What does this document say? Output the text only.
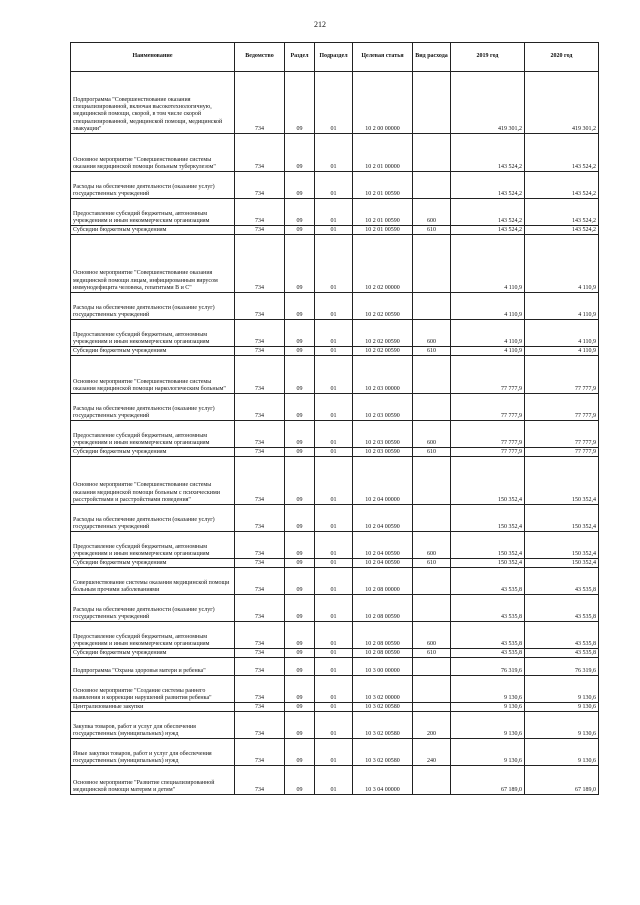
212
Наименование	Ведомство	Раздел	Подраздел	Целевая статья	Вид расхода	2019 год	2020 год
Подпрограмма "Совершенствование оказания специализированной, включая высокотехнологичную, медицинской помощи, скорой, в том числе скорой специализированной, медицинской помощи, медицинской эвакуации"	734	09	01	10 2 00 00000		419 301,2	419 301,2
Основное мероприятие "Совершенствование системы оказания медицинской помощи больным туберкулезом"	734	09	01	10 2 01 00000		143 524,2	143 524,2
Расходы на обеспечение деятельности (оказание услуг) государственных учреждений	734	09	01	10 2 01 00590		143 524,2	143 524,2
Предоставление субсидий бюджетным, автономным учреждениям и иным некоммерческим организациям	734	09	01	10 2 01 00590	600	143 524,2	143 524,2
Субсидии бюджетным учреждениям	734	09	01	10 2 01 00590	610	143 524,2	143 524,2
Основное мероприятие "Совершенствование оказания медицинской помощи лицам, инфицированным вирусом иммунодефицита человека, гепатитами В и С"	734	09	01	10 2 02 00000		4 110,9	4 110,9
Расходы на обеспечение деятельности (оказание услуг) государственных учреждений	734	09	01	10 2 02 00590		4 110,9	4 110,9
Предоставление субсидий бюджетным, автономным учреждениям и иным некоммерческим организациям	734	09	01	10 2 02 00590	600	4 110,9	4 110,9
Субсидии бюджетным учреждениям	734	09	01	10 2 02 00590	610	4 110,9	4 110,9
Основное мероприятие "Совершенствование системы оказания медицинской помощи наркологическим больным"	734	09	01	10 2 03 00000		77 777,9	77 777,9
Расходы на обеспечение деятельности (оказание услуг) государственных учреждений	734	09	01	10 2 03 00590		77 777,9	77 777,9
Предоставление субсидий бюджетным, автономным учреждениям и иным некоммерческим организациям	734	09	01	10 2 03 00590	600	77 777,9	77 777,9
Субсидии бюджетным учреждениям	734	09	01	10 2 03 00590	610	77 777,9	77 777,9
Основное мероприятие "Совершенствование системы оказания медицинской помощи больным с психическими расстройствами и расстройствами поведения"	734	09	01	10 2 04 00000		150 352,4	150 352,4
Расходы на обеспечение деятельности (оказание услуг) государственных учреждений	734	09	01	10 2 04 00590		150 352,4	150 352,4
Предоставление субсидий бюджетным, автономным учреждениям и иным некоммерческим организациям	734	09	01	10 2 04 00590	600	150 352,4	150 352,4
Субсидии бюджетным учреждениям	734	09	01	10 2 04 00590	610	150 352,4	150 352,4
Совершенствование системы оказания медицинской помощи больным прочими заболеваниями	734	09	01	10 2 08 00000		43 535,8	43 535,8
Расходы на обеспечение деятельности (оказание услуг) государственных учреждений	734	09	01	10 2 08 00590		43 535,8	43 535,8
Предоставление субсидий бюджетным, автономным учреждениям и иным некоммерческим организациям	734	09	01	10 2 08 00590	600	43 535,8	43 535,8
Субсидии бюджетным учреждениям	734	09	01	10 2 08 00590	610	43 535,8	43 535,8
Подпрограмма "Охрана здоровья матери и ребенка"	734	09	01	10 3 00 00000		76 319,6	76 319,6
Основное мероприятие "Создание системы раннего выявления и коррекции нарушений развития ребенка"	734	09	01	10 3 02 00000		9 130,6	9 130,6
Централизованные закупки	734	09	01	10 3 02 00580		9 130,6	9 130,6
Закупка товаров, работ и услуг для обеспечения государственных (муниципальных) нужд	734	09	01	10 3 02 00580	200	9 130,6	9 130,6
Иные закупки товаров, работ и услуг для обеспечения государственных (муниципальных) нужд	734	09	01	10 3 02 00580	240	9 130,6	9 130,6
Основное мероприятие "Развитие специализированной медицинской помощи матерям и детям"	734	09	01	10 3 04 00000		67 189,0	67 189,0
